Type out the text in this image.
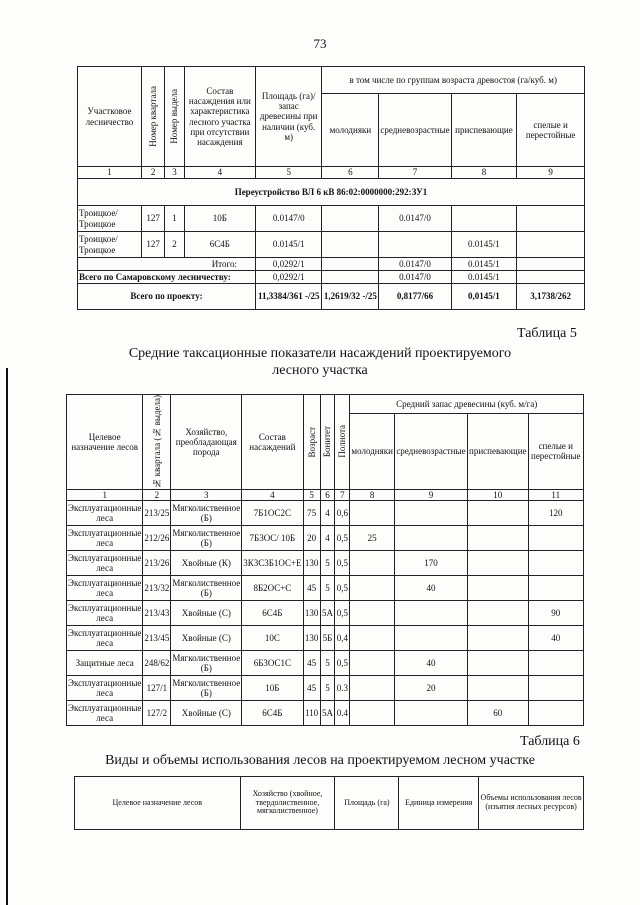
73
Участковое лесничество	Номер квартала	Номер выдела	Состав насаждения или характеристика лесного участка при отсутствии насаждения	Площадь (га)/запас древесины при наличии (куб. м)	в том числе по группам возраста древостоя (га/куб. м)			
					молодняки	средневозрастные	приспевающие	спелые и перестойные
1	2	3	4	5	6	7	8	9
Переустройство ВЛ 6 кВ 86:02:0000000:292:ЗУ1								
Троицкое/ Троицкое	127	1	10Б	0.0147/0		0.0147/0		
Троицкое/ Троицкое	127	2	6С4Б	0.0145/1			0.0145/1	
Итого:				0,0292/1		0.0147/0	0.0145/1	
Всего по Самаровскому лесничеству:				0,0292/1		0.0147/0	0.0145/1	
Всего по проекту:				11,3384/361 -/25	1,2619/32 -/25	0,8177/66	0,0145/1	3,1738/262
Таблица 5
Средние таксационные показатели насаждений проектируемого
лесного участка
Целевое назначение лесов	№ квартала (№ выдела)	Хозяйство, преобладающая порода	Состав насаждений	Возраст	Бонитет	Полнота	Средний запас древесины (куб. м/га)			
							молодняки	средневозрастные	приспевающие	спелые и перестойные
1	2	3	4	5	6	7	8	9	10	11
Эксплуатационные леса	213/25	Мягколиственное (Б)	7Б1ОС2С	75	4	0,6				120
Эксплуатационные леса	212/26	Мягколиственное (Б)	7Б3ОС/ 10Б	20	4	0,5	25			
Эксплуатационные леса	213/26	Хвойные (К)	3К3С3Б1ОС+Е	130	5	0,5		170		
Эксплуатационные леса	213/32	Мягколиственное (Б)	8Б2ОС+С	45	5	0,5		40		
Эксплуатационные леса	213/43	Хвойные (С)	6С4Б	130	5А	0,5				90
Эксплуатационные леса	213/45	Хвойные (С)	10С	130	5Б	0,4				40
Защитные леса	248/62	Мягколиственное (Б)	6Б3ОС1С	45	5	0,5		40		
Эксплуатационные леса	127/1	Мягколиственное (Б)	10Б	45	5	0.3		20		
Эксплуатационные леса	127/2	Хвойные (С)	6С4Б	110	5А	0.4			60	
Таблица 6
Виды и объемы использования лесов на проектируемом лесном участке
Целевое назначение лесов	Хозяйство (хвойное, твердолиственное, мягколиственное)	Площадь (га)	Единица измерения	Объемы использования лесов (изъятия лесных ресурсов)
